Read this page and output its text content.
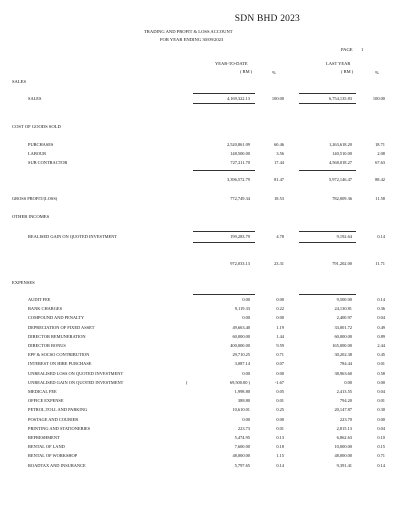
SDN BHD 2023
TRADING AND PROFIT & LOSS ACCOUNT
FOR YEAR ENDING 30/09/2023
PAGE 1
YEAR-TO-DATE
( RM )	%
LAST YEAR
( RM )	%
SALES
SALES	4,169,322.13	100.00	6,754,135.83	100.00
COST OF GOODS SOLD
PURCHASES	2,520,861.09	60.46	1,263,618.20	18.71
LABOUR	148,500.00	3.56	140,510.00	2.08
SUB CONTRACTOR	727,211.70	17.44	4,568,018.27	67.63
3,396,572.79	81.47	5,972,146.47	88.42
GROSS PROFIT/(LOSS)	772,749.34	18.53	782,009.36	11.58
OTHER INCOMES
REALISED GAIN ON QUOTED INVESTMENT	199,283.79	4.78	9,192.64	0.14
972,033.13	23.31	791,202.00	11.71
EXPENSES
AUDIT FEE	0.00	0.00	9,500.00	0.14
BANK CHARGES	9,119.33	0.22	24,130.81	0.36
COMPOUND AND PENALTY	0.00	0.00	2,400.97	0.04
DEPRECIATION OF FIXED ASSET	49,663.40	1.19	33,001.72	0.49
DIRECTOR REMUNERATION	60,000.00	1.44	60,000.00	0.89
DIRECTOR BONUS	400,000.00	9.59	165,000.00	2.44
EPF & SOCSO CONTRIBUTION	29,710.25	0.71	30,202.38	0.45
INTEREST ON HIRE PURCHASE	3,087.14	0.07	784.44	0.01
UNREALISED LOSS ON QUOTED INVESTMENT	0.00	0.00	38,963.60	0.58
UNREALISED GAIN ON QUOTED INVESTMENT	(	69,500.00 )	-1.67	0.00	0.00
MEDICAL FEE	1,998.80	0.05	2,413.55	0.04
OFFICE EXPENSE	388.80	0.01	794.20	0.01
PETROL,TOLL AND PARKING	10,610.01	0.25	20,147.87	0.30
POSTAGE AND COURIER	0.00	0.00	223.70	0.00
PRINTING AND STATIONERIES	223.73	0.01	2,815.13	0.04
REFRESHMENT	5,474.95	0.13	6,862.63	0.10
RENTAL OF LAND	7,600.00	0.18	10,000.00	0.15
RENTAL OF WORKSHOP	48,000.00	1.15	48,000.00	0.71
ROADTAX AND INSURANCE	5,797.65	0.14	9,391.41	0.14
